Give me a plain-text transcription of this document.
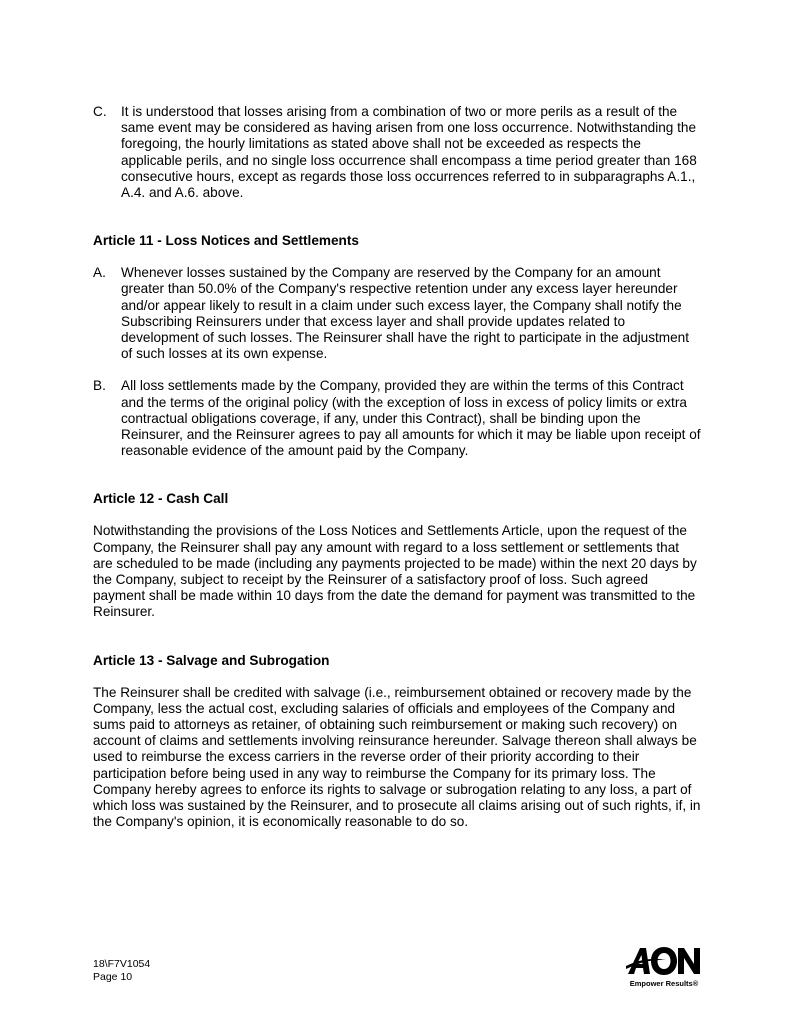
C.	It is understood that losses arising from a combination of two or more perils as a result of the same event may be considered as having arisen from one loss occurrence. Notwithstanding the foregoing, the hourly limitations as stated above shall not be exceeded as respects the applicable perils, and no single loss occurrence shall encompass a time period greater than 168 consecutive hours, except as regards those loss occurrences referred to in subparagraphs A.1., A.4. and A.6. above.

Article 11 - Loss Notices and Settlements

A.	Whenever losses sustained by the Company are reserved by the Company for an amount greater than 50.0% of the Company's respective retention under any excess layer hereunder and/or appear likely to result in a claim under such excess layer, the Company shall notify the Subscribing Reinsurers under that excess layer and shall provide updates related to development of such losses. The Reinsurer shall have the right to participate in the adjustment of such losses at its own expense.
B.	All loss settlements made by the Company, provided they are within the terms of this Contract and the terms of the original policy (with the exception of loss in excess of policy limits or extra contractual obligations coverage, if any, under this Contract), shall be binding upon the Reinsurer, and the Reinsurer agrees to pay all amounts for which it may be liable upon receipt of reasonable evidence of the amount paid by the Company.

Article 12 - Cash Call

Notwithstanding the provisions of the Loss Notices and Settlements Article, upon the request of the Company, the Reinsurer shall pay any amount with regard to a loss settlement or settlements that are scheduled to be made (including any payments projected to be made) within the next 20 days by the Company, subject to receipt by the Reinsurer of a satisfactory proof of loss. Such agreed payment shall be made within 10 days from the date the demand for payment was transmitted to the Reinsurer.

Article 13 - Salvage and Subrogation

The Reinsurer shall be credited with salvage (i.e., reimbursement obtained or recovery made by the Company, less the actual cost, excluding salaries of officials and employees of the Company and sums paid to attorneys as retainer, of obtaining such reimbursement or making such recovery) on account of claims and settlements involving reinsurance hereunder. Salvage thereon shall always be used to reimburse the excess carriers in the reverse order of their priority according to their participation before being used in any way to reimburse the Company for its primary loss. The Company hereby agrees to enforce its rights to salvage or subrogation relating to any loss, a part of which loss was sustained by the Reinsurer, and to prosecute all claims arising out of such rights, if, in the Company's opinion, it is economically reasonable to do so.

18\F7V1054
Page 10
Empower Results®
